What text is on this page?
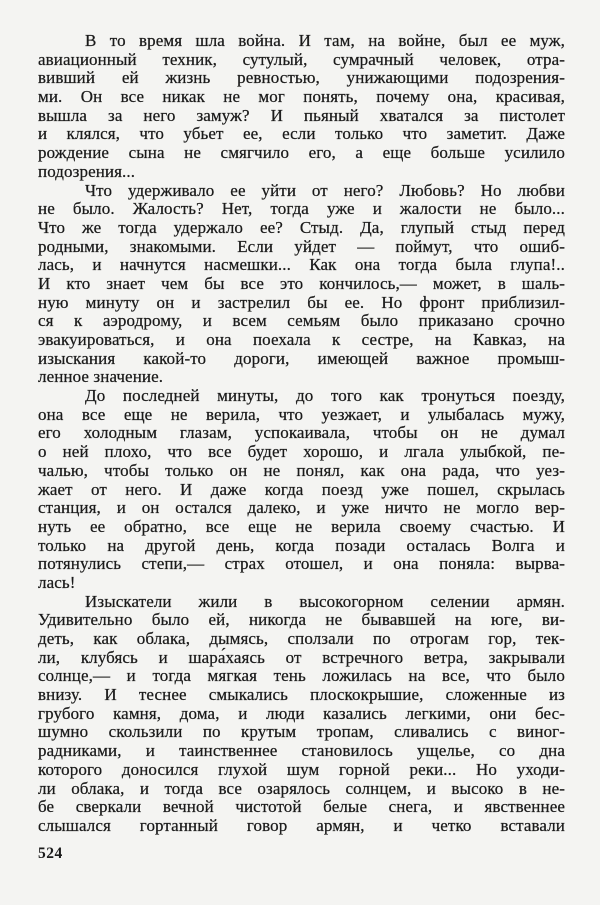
В то время шла война. И там, на войне, был ее муж,
авиационный техник, сутулый, сумрачный человек, отра-
вивший ей жизнь ревностью, унижающими подозрения-
ми. Он все никак не мог понять, почему она, красивая,
вышла за него замуж? И пьяный хватался за пистолет
и клялся, что убьет ее, если только что заметит. Даже
рождение сына не смягчило его, а еще больше усилило
подозрения...
Что удерживало ее уйти от него? Любовь? Но любви
не было. Жалость? Нет, тогда уже и жалости не было...
Что же тогда удержало ее? Стыд. Да, глупый стыд перед
родными, знакомыми. Если уйдет — поймут, что ошиб-
лась, и начнутся насмешки... Как она тогда была глупа!..
И кто знает чем бы все это кончилось,— может, в шаль-
ную минуту он и застрелил бы ее. Но фронт приблизил-
ся к аэродрому, и всем семьям было приказано срочно
эвакуироваться, и она поехала к сестре, на Кавказ, на
изыскания какой-то дороги, имеющей важное промыш-
ленное значение.
До последней минуты, до того как тронуться поезду,
она все еще не верила, что уезжает, и улыбалась мужу,
его холодным глазам, успокаивала, чтобы он не думал
о ней плохо, что все будет хорошо, и лгала улыбкой, пе-
чалью, чтобы только он не понял, как она рада, что уез-
жает от него. И даже когда поезд уже пошел, скрылась
станция, и он остался далеко, и уже ничто не могло вер-
нуть ее обратно, все еще не верила своему счастью. И
только на другой день, когда позади осталась Волга и
потянулись степи,— страх отошел, и она поняла: вырва-
лась!
Изыскатели жили в высокогорном селении армян.
Удивительно было ей, никогда не бывавшей на юге, ви-
деть, как облака, дымясь, сползали по отрогам гор, тек-
ли, клубясь и шара́хаясь от встречного ветра, закрывали
солнце,— и тогда мягкая тень ложилась на все, что было
внизу. И теснее смыкались плоскокрышие, сложенные из
грубого камня, дома, и люди казались легкими, они бес-
шумно скользили по крутым тропам, сливались с виног-
радниками, и таинственнее становилось ущелье, со дна
которого доносился глухой шум горной реки... Но уходи-
ли облака, и тогда все озарялось солнцем, и высоко в не-
бе сверкали вечной чистотой белые снега, и явственнее
слышался гортанный говор армян, и четко вставали
524
